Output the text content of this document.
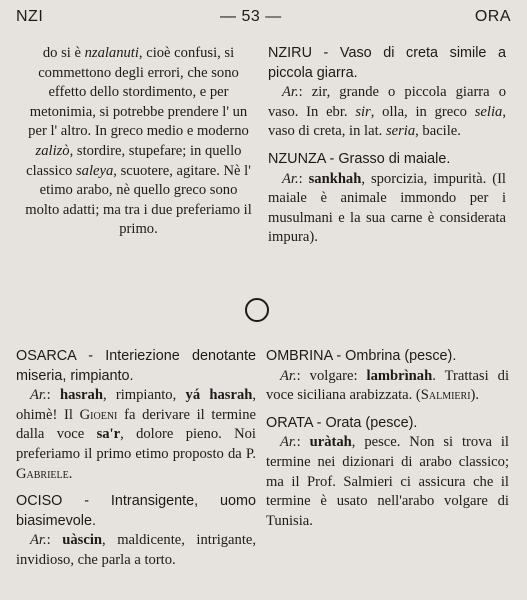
NZI	— 53 —	ORA

do si è nzalanuti, cioè confusi, si commettono degli errori, che sono effetto dello stordimento, e per metonimia, si potrebbe prendere l' un per l' altro. In greco medio e moderno zalizò, stordire, stupefare; in quello classico saleya, scuotere, agitare. Nè l' etimo arabo, nè quello greco sono molto adatti; ma tra i due preferiamo il primo.

NZIRU - Vaso di creta simile a piccola giarra.
Ar.: zir, grande o piccola giarra o vaso. In ebr. sir, olla, in greco selia, vaso di creta, in lat. seria, bacile.

NZUNZA - Grasso di maiale.
Ar.: sankhah, sporcizia, impurità. (Il maiale è animale immondo per i musulmani e la sua carne è considerata impura).

OSARCA - Interiezione denotante miseria, rimpianto.
Ar.: hasrah, rimpianto, yá hasrah, ohimè! Il Gioeni fa derivare il termine dalla voce sa'r, dolore pieno. Noi preferiamo il primo etimo proposto da P. Gabriele.

OCISO - Intransigente, uomo biasimevole.
Ar.: uàscin, maldicente, intrigante, invidioso, che parla a torto.

OMBRINA - Ombrina (pesce).
Ar.: volgare: lambrìnah. Trattasi di voce siciliana arabizzata. (Salmieri).

ORATA - Orata (pesce).
Ar.: uràtah, pesce. Non si trova il termine nei dizionari di arabo classico; ma il Prof. Salmieri ci assicura che il termine è usato nell'arabo volgare di Tunisia.
